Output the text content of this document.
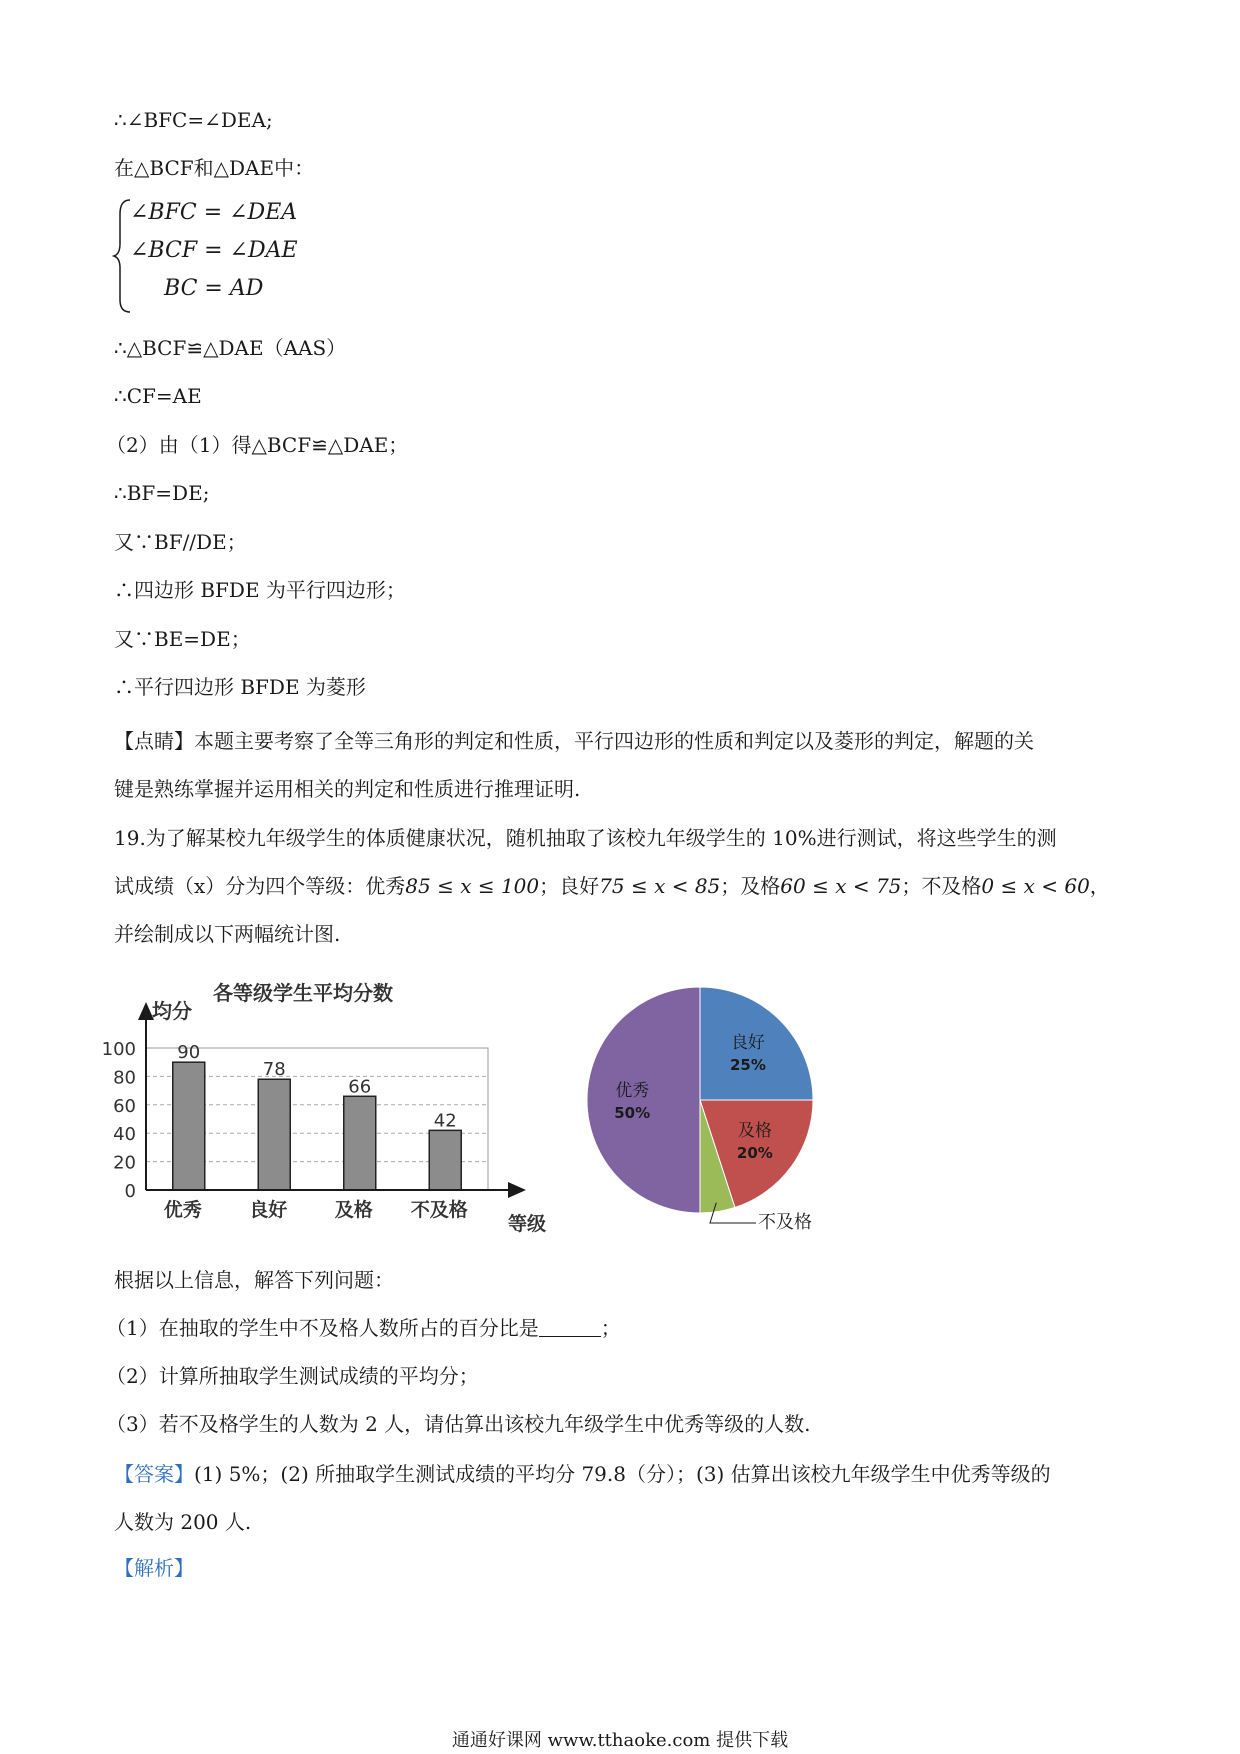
∴∠BFC=∠DEA;
在△BCF和△DAE中：
∠BFC = ∠DEA
∠BCF = ∠DAE
BC = AD
∴△BCF≌△DAE（AAS）
∴CF=AE
（2）由（1）得△BCF≌△DAE；
∴BF=DE;
又∵BF//DE；
∴四边形 BFDE 为平行四边形；
又∵BE=DE；
∴平行四边形 BFDE 为菱形
【点睛】本题主要考察了全等三角形的判定和性质，平行四边形的性质和判定以及菱形的判定，解题的关
键是熟练掌握并运用相关的判定和性质进行推理证明.
19.为了解某校九年级学生的体质健康状况，随机抽取了该校九年级学生的 10%进行测试，将这些学生的测
试成绩（x）分为四个等级：优秀85 ≤ x ≤ 100；良好75 ≤ x < 85；及格60 ≤ x < 75；不及格0 ≤ x < 60，
并绘制成以下两幅统计图.
各等级学生平均分数
均分
等级
0
20
40
60
80
100 90
78
66
42
优秀 良好 及格 不及格
良好
25%
及格
20%
不及格
优秀
50%
根据以上信息，解答下列问题：
（1）在抽取的学生中不及格人数所占的百分比是	；
（2）计算所抽取学生测试成绩的平均分；
（3）若不及格学生的人数为 2 人，请估算出该校九年级学生中优秀等级的人数.
【答案】(1) 5%；(2) 所抽取学生测试成绩的平均分 79.8（分）；(3) 估算出该校九年级学生中优秀等级的
人数为 200 人.
【解析】
通通好课网 www.tthaoke.com 提供下载
